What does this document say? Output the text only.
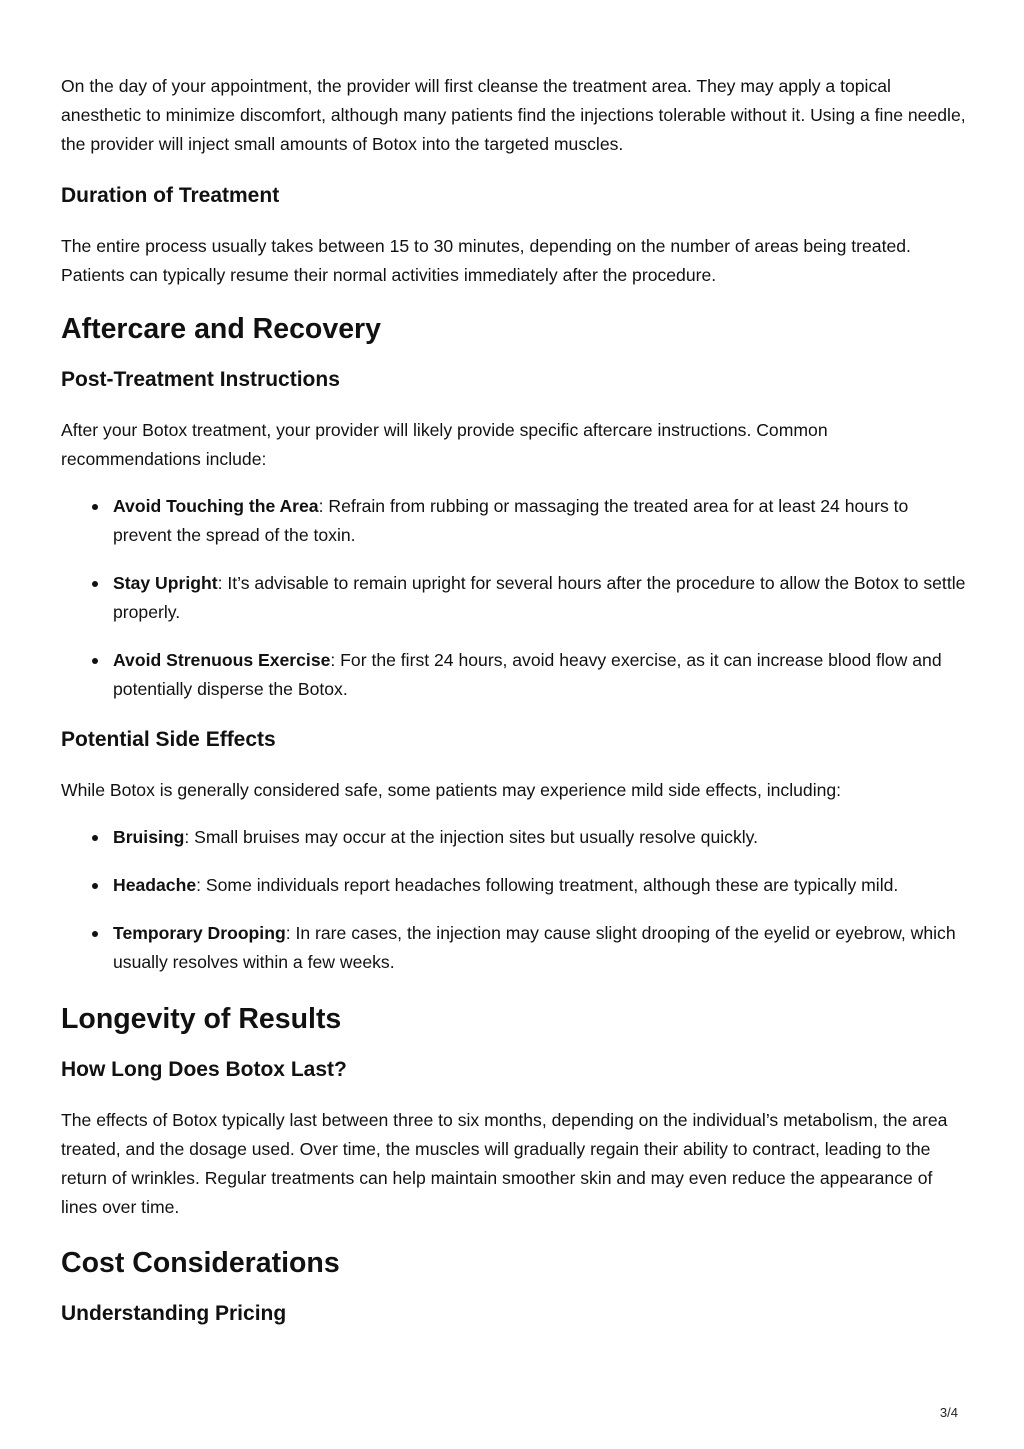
On the day of your appointment, the provider will first cleanse the treatment area. They may apply a topical anesthetic to minimize discomfort, although many patients find the injections tolerable without it. Using a fine needle, the provider will inject small amounts of Botox into the targeted muscles.

Duration of Treatment

The entire process usually takes between 15 to 30 minutes, depending on the number of areas being treated. Patients can typically resume their normal activities immediately after the procedure.

Aftercare and Recovery
Post-Treatment Instructions

After your Botox treatment, your provider will likely provide specific aftercare instructions. Common recommendations include:

Avoid Touching the Area: Refrain from rubbing or massaging the treated area for at least 24 hours to prevent the spread of the toxin.
Stay Upright: It’s advisable to remain upright for several hours after the procedure to allow the Botox to settle properly.
Avoid Strenuous Exercise: For the first 24 hours, avoid heavy exercise, as it can increase blood flow and potentially disperse the Botox.
Potential Side Effects

While Botox is generally considered safe, some patients may experience mild side effects, including:

Bruising: Small bruises may occur at the injection sites but usually resolve quickly.
Headache: Some individuals report headaches following treatment, although these are typically mild.
Temporary Drooping: In rare cases, the injection may cause slight drooping of the eyelid or eyebrow, which usually resolves within a few weeks.
Longevity of Results
How Long Does Botox Last?

The effects of Botox typically last between three to six months, depending on the individual’s metabolism, the area treated, and the dosage used. Over time, the muscles will gradually regain their ability to contract, leading to the return of wrinkles. Regular treatments can help maintain smoother skin and may even reduce the appearance of lines over time.

Cost Considerations
Understanding Pricing
3/4
